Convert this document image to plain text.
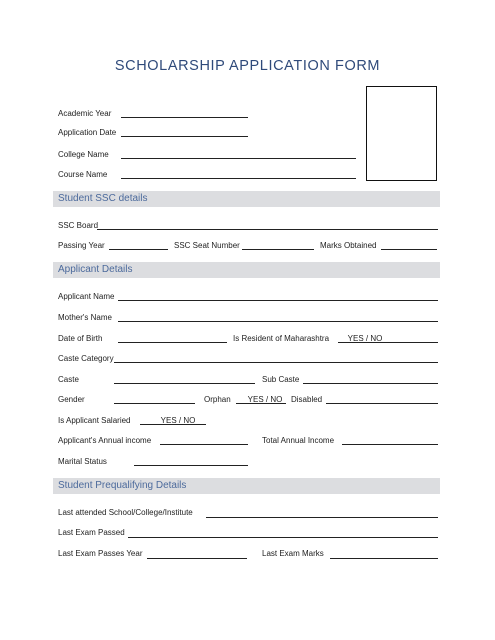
SCHOLARSHIP APPLICATION FORM
Academic Year
Application Date
College Name
Course Name
Student SSC details
SSC Board
Passing Year	SSC Seat Number	Marks Obtained
Applicant Details
Applicant Name
Mother's Name
Date of Birth	Is Resident of Maharashtra	YES / NO
Caste Category
Caste	Sub Caste
Gender	Orphan	YES / NO	Disabled
Is Applicant Salaried	YES / NO
Applicant's Annual income	Total Annual Income
Marital Status
Student Prequalifying Details
Last attended School/College/Institute
Last Exam Passed
Last Exam Passes Year	Last Exam Marks
